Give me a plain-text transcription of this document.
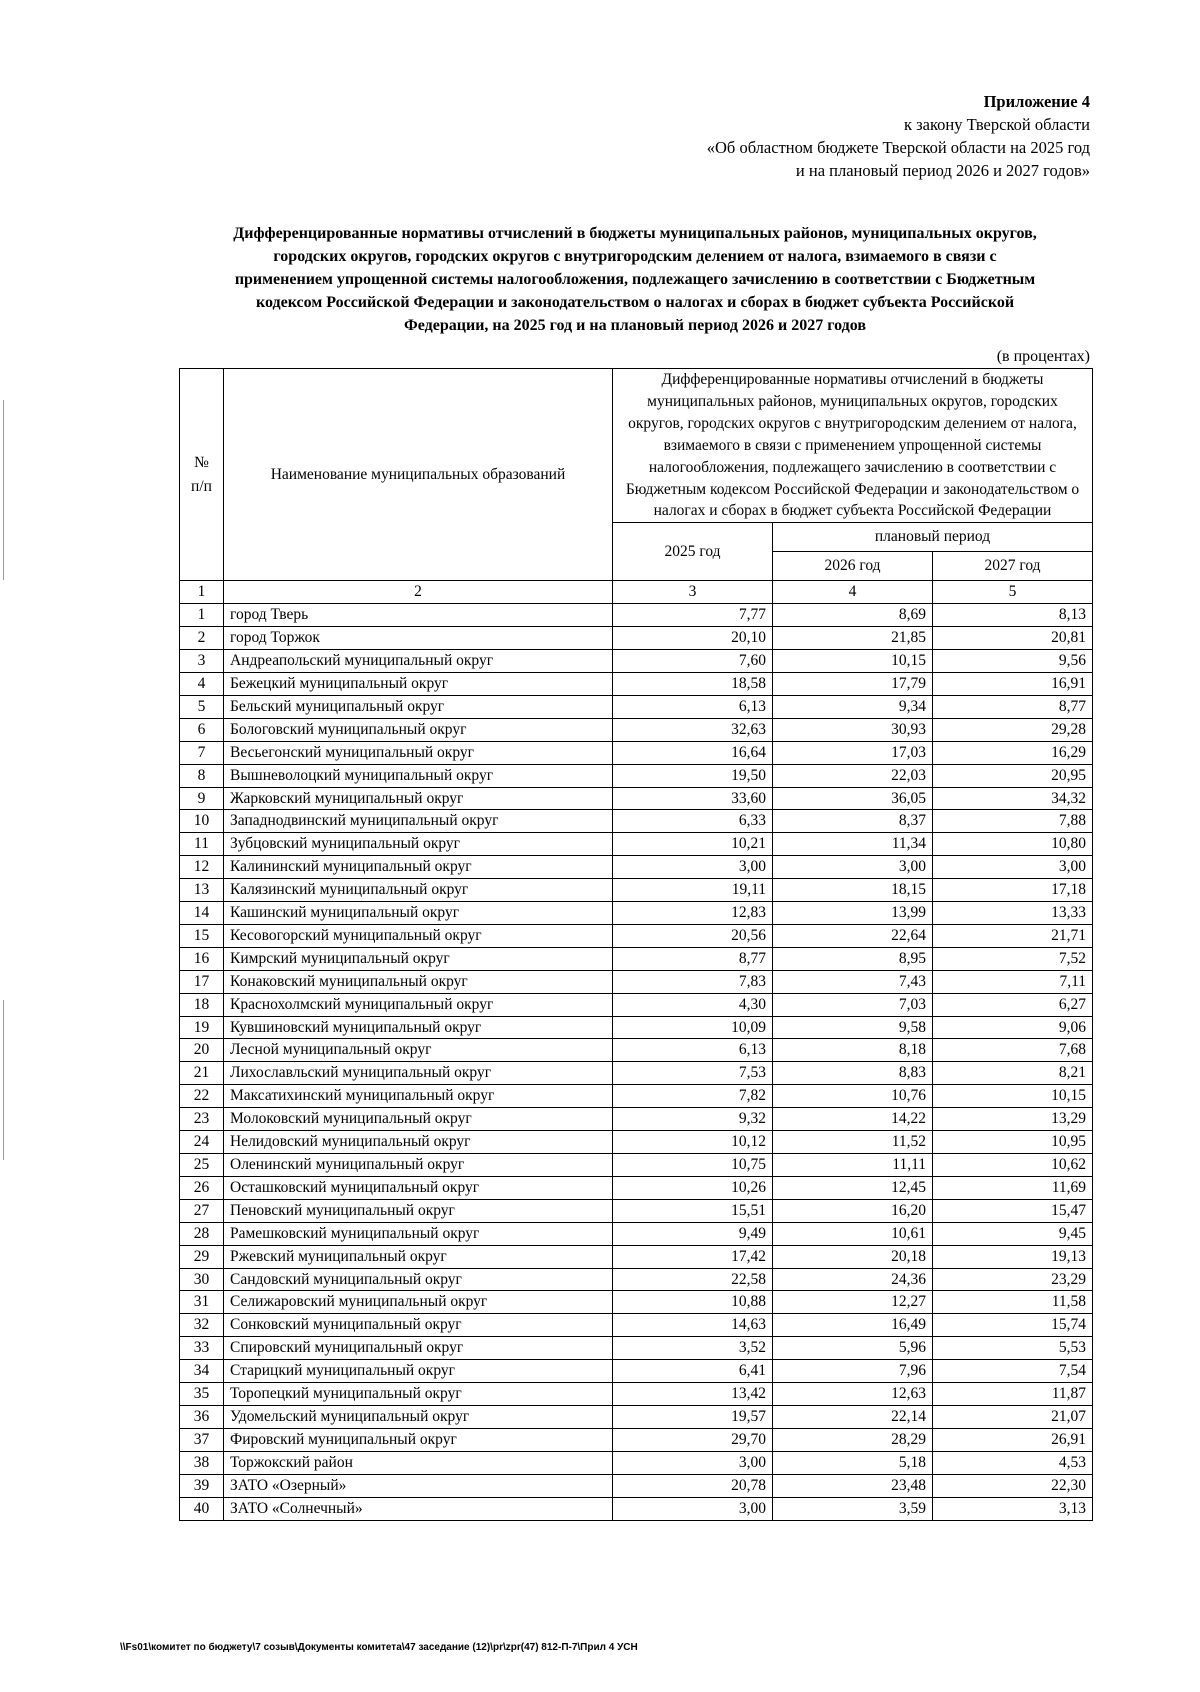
Приложение 4
к закону Тверской области
«Об областном бюджете Тверской области на 2025 год
и на плановый период 2026 и 2027 годов»
Дифференцированные нормативы отчислений в бюджеты муниципальных районов, муниципальных округов,
городских округов, городских округов с внутригородским делением от налога, взимаемого в связи с
применением упрощенной системы налогообложения, подлежащего зачислению в соответствии с Бюджетным
кодексом Российской Федерации и законодательством о налогах и сборах в бюджет субъекта Российской
Федерации, на 2025 год и на плановый период 2026 и 2027 годов
(в процентах)
№ п/п	Наименование муниципальных образований	Дифференцированные нормативы отчислений в бюджеты муниципальных районов, муниципальных округов, городских округов, городских округов с внутригородским делением от налога, взимаемого в связи с применением упрощенной системы налогообложения, подлежащего зачислению в соответствии с Бюджетным кодексом Российской Федерации и законодательством о налогах и сборах в бюджет субъекта Российской Федерации		
		2025 год	плановый период	
			2026 год	2027 год
1	2	3	4	5
1	город Тверь	7,77	8,69	8,13
2	город Торжок	20,10	21,85	20,81
3	Андреапольский муниципальный округ	7,60	10,15	9,56
4	Бежецкий муниципальный округ	18,58	17,79	16,91
5	Бельский муниципальный округ	6,13	9,34	8,77
6	Бологовский муниципальный округ	32,63	30,93	29,28
7	Весьегонский муниципальный округ	16,64	17,03	16,29
8	Вышневолоцкий муниципальный округ	19,50	22,03	20,95
9	Жарковский муниципальный округ	33,60	36,05	34,32
10	Западнодвинский муниципальный округ	6,33	8,37	7,88
11	Зубцовский муниципальный округ	10,21	11,34	10,80
12	Калининский муниципальный округ	3,00	3,00	3,00
13	Калязинский муниципальный округ	19,11	18,15	17,18
14	Кашинский муниципальный округ	12,83	13,99	13,33
15	Кесовогорский муниципальный округ	20,56	22,64	21,71
16	Кимрский муниципальный округ	8,77	8,95	7,52
17	Конаковский муниципальный округ	7,83	7,43	7,11
18	Краснохолмский муниципальный округ	4,30	7,03	6,27
19	Кувшиновский муниципальный округ	10,09	9,58	9,06
20	Лесной муниципальный округ	6,13	8,18	7,68
21	Лихославльский муниципальный округ	7,53	8,83	8,21
22	Максатихинский муниципальный округ	7,82	10,76	10,15
23	Молоковский муниципальный округ	9,32	14,22	13,29
24	Нелидовский муниципальный округ	10,12	11,52	10,95
25	Оленинский муниципальный округ	10,75	11,11	10,62
26	Осташковский муниципальный округ	10,26	12,45	11,69
27	Пеновский муниципальный округ	15,51	16,20	15,47
28	Рамешковский муниципальный округ	9,49	10,61	9,45
29	Ржевский муниципальный округ	17,42	20,18	19,13
30	Сандовский муниципальный округ	22,58	24,36	23,29
31	Селижаровский муниципальный округ	10,88	12,27	11,58
32	Сонковский муниципальный округ	14,63	16,49	15,74
33	Спировский муниципальный округ	3,52	5,96	5,53
34	Старицкий муниципальный округ	6,41	7,96	7,54
35	Торопецкий муниципальный округ	13,42	12,63	11,87
36	Удомельский муниципальный округ	19,57	22,14	21,07
37	Фировский муниципальный округ	29,70	28,29	26,91
38	Торжокский район	3,00	5,18	4,53
39	ЗАТО «Озерный»	20,78	23,48	22,30
40	ЗАТО «Солнечный»	3,00	3,59	3,13
\\Fs01\комитет по бюджету\7 созыв\Документы комитета\47 заседание (12)\pr\zpr(47) 812-П-7\Прил 4 УСН
